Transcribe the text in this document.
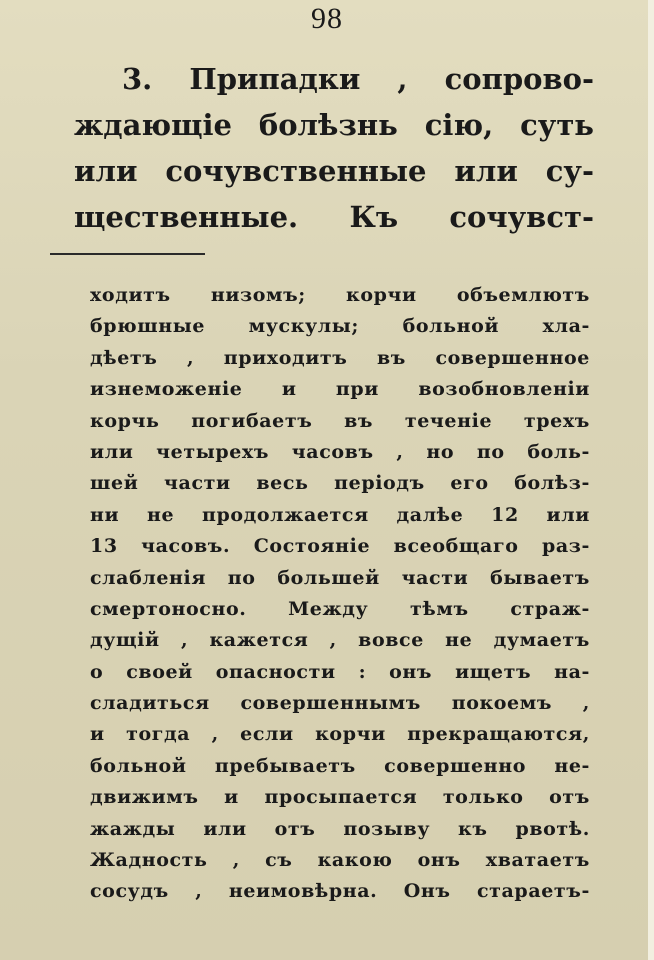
98
3. Припадки , сопрово-
ждающіе болѣзнь сію, суть
или сочувственные или су-
щественные. Къ сочувст-
ходитъ низомъ; корчи объемлютъ
брюшные мускулы; больной хла-
дѣетъ , приходитъ въ совершенное
изнеможеніе и при возобновленіи
корчь погибаетъ въ теченіе трехъ
или четырехъ часовъ , но по боль-
шей части весь періодъ его болѣз-
ни не продолжается далѣе 12 или
13 часовъ. Состояніе всеобщаго раз-
слабленія по большей части бываетъ
смертоносно. Между тѣмъ страж-
дущій , кажется , вовсе не думаетъ
о своей опасности : онъ ищетъ на-
сладиться совершеннымъ покоемъ ,
и тогда , если корчи прекращаются,
больной пребываетъ совершенно не-
движимъ и просыпается только отъ
жажды или отъ позыву къ рвотѣ.
Жадность , съ какою онъ хватаетъ
сосудъ , неимовѣрна. Онъ стараетъ-
